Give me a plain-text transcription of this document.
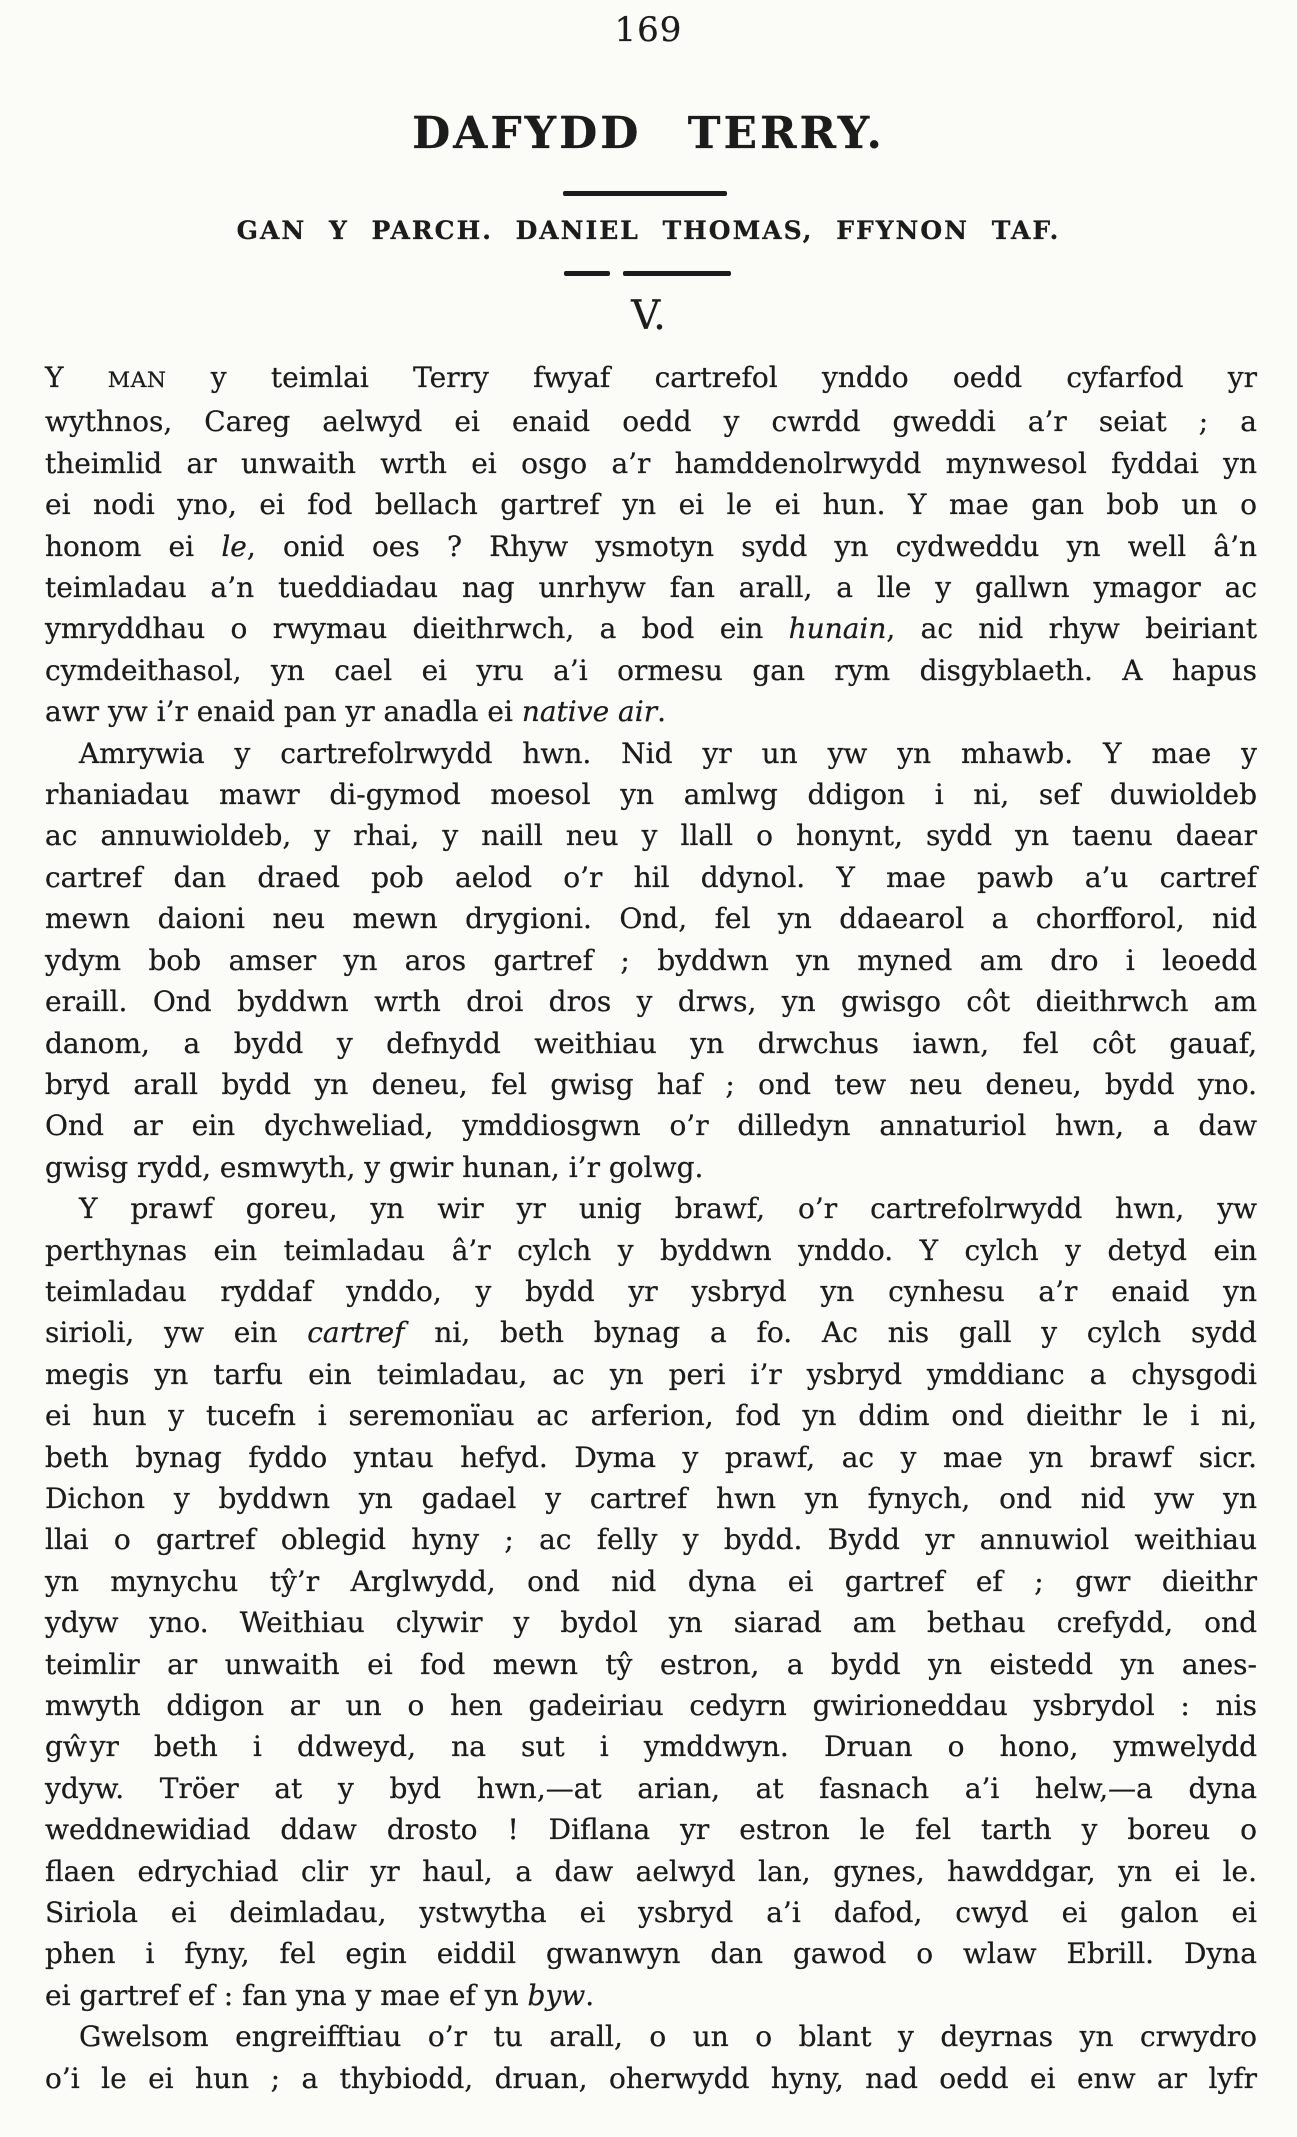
169
DAFYDD TERRY.
GAN Y PARCH. DANIEL THOMAS, FFYNON TAF.
V.
Y MAN y teimlai Terry fwyaf cartrefol ynddo oedd cyfarfod yr
wythnos, Careg aelwyd ei enaid oedd y cwrdd gweddi a’r seiat ; a
theimlid ar unwaith wrth ei osgo a’r hamddenolrwydd mynwesol fyddai yn
ei nodi yno, ei fod bellach gartref yn ei le ei hun. Y mae gan bob un o
honom ei le, onid oes ? Rhyw ysmotyn sydd yn cydweddu yn well â’n
teimladau a’n tueddiadau nag unrhyw fan arall, a lle y gallwn ymagor ac
ymryddhau o rwymau dieithrwch, a bod ein hunain, ac nid rhyw beiriant
cymdeithasol, yn cael ei yru a’i ormesu gan rym disgyblaeth. A hapus
awr yw i’r enaid pan yr anadla ei native air.
Amrywia y cartrefolrwydd hwn. Nid yr un yw yn mhawb. Y mae y
rhaniadau mawr di-gymod moesol yn amlwg ddigon i ni, sef duwioldeb
ac annuwioldeb, y rhai, y naill neu y llall o honynt, sydd yn taenu daear
cartref dan draed pob aelod o’r hil ddynol. Y mae pawb a’u cartref
mewn daioni neu mewn drygioni. Ond, fel yn ddaearol a chorfforol, nid
ydym bob amser yn aros gartref ; byddwn yn myned am dro i leoedd
eraill. Ond byddwn wrth droi dros y drws, yn gwisgo côt dieithrwch am
danom, a bydd y defnydd weithiau yn drwchus iawn, fel côt gauaf,
bryd arall bydd yn deneu, fel gwisg haf ; ond tew neu deneu, bydd yno.
Ond ar ein dychweliad, ymddiosgwn o’r dilledyn annaturiol hwn, a daw
gwisg rydd, esmwyth, y gwir hunan, i’r golwg.
Y prawf goreu, yn wir yr unig brawf, o’r cartrefolrwydd hwn, yw
perthynas ein teimladau â’r cylch y byddwn ynddo. Y cylch y detyd ein
teimladau ryddaf ynddo, y bydd yr ysbryd yn cynhesu a’r enaid yn
sirioli, yw ein cartref ni, beth bynag a fo. Ac nis gall y cylch sydd
megis yn tarfu ein teimladau, ac yn peri i’r ysbryd ymddianc a chysgodi
ei hun y tucefn i seremonïau ac arferion, fod yn ddim ond dieithr le i ni,
beth bynag fyddo yntau hefyd. Dyma y prawf, ac y mae yn brawf sicr.
Dichon y byddwn yn gadael y cartref hwn yn fynych, ond nid yw yn
llai o gartref oblegid hyny ; ac felly y bydd. Bydd yr annuwiol weithiau
yn mynychu tŷ’r Arglwydd, ond nid dyna ei gartref ef ; gwr dieithr
ydyw yno. Weithiau clywir y bydol yn siarad am bethau crefydd, ond
teimlir ar unwaith ei fod mewn tŷ estron, a bydd yn eistedd yn anes-
mwyth ddigon ar un o hen gadeiriau cedyrn gwirioneddau ysbrydol : nis
gŵyr beth i ddweyd, na sut i ymddwyn. Druan o hono, ymwelydd
ydyw. Tröer at y byd hwn,—at arian, at fasnach a’i helw,—a dyna
weddnewidiad ddaw drosto ! Diflana yr estron le fel tarth y boreu o
flaen edrychiad clir yr haul, a daw aelwyd lan, gynes, hawddgar, yn ei le.
Siriola ei deimladau, ystwytha ei ysbryd a’i dafod, cwyd ei galon ei
phen i fyny, fel egin eiddil gwanwyn dan gawod o wlaw Ebrill. Dyna
ei gartref ef : fan yna y mae ef yn byw.
Gwelsom engreifftiau o’r tu arall, o un o blant y deyrnas yn crwydro
o’i le ei hun ; a thybiodd, druan, oherwydd hyny, nad oedd ei enw ar lyfr
